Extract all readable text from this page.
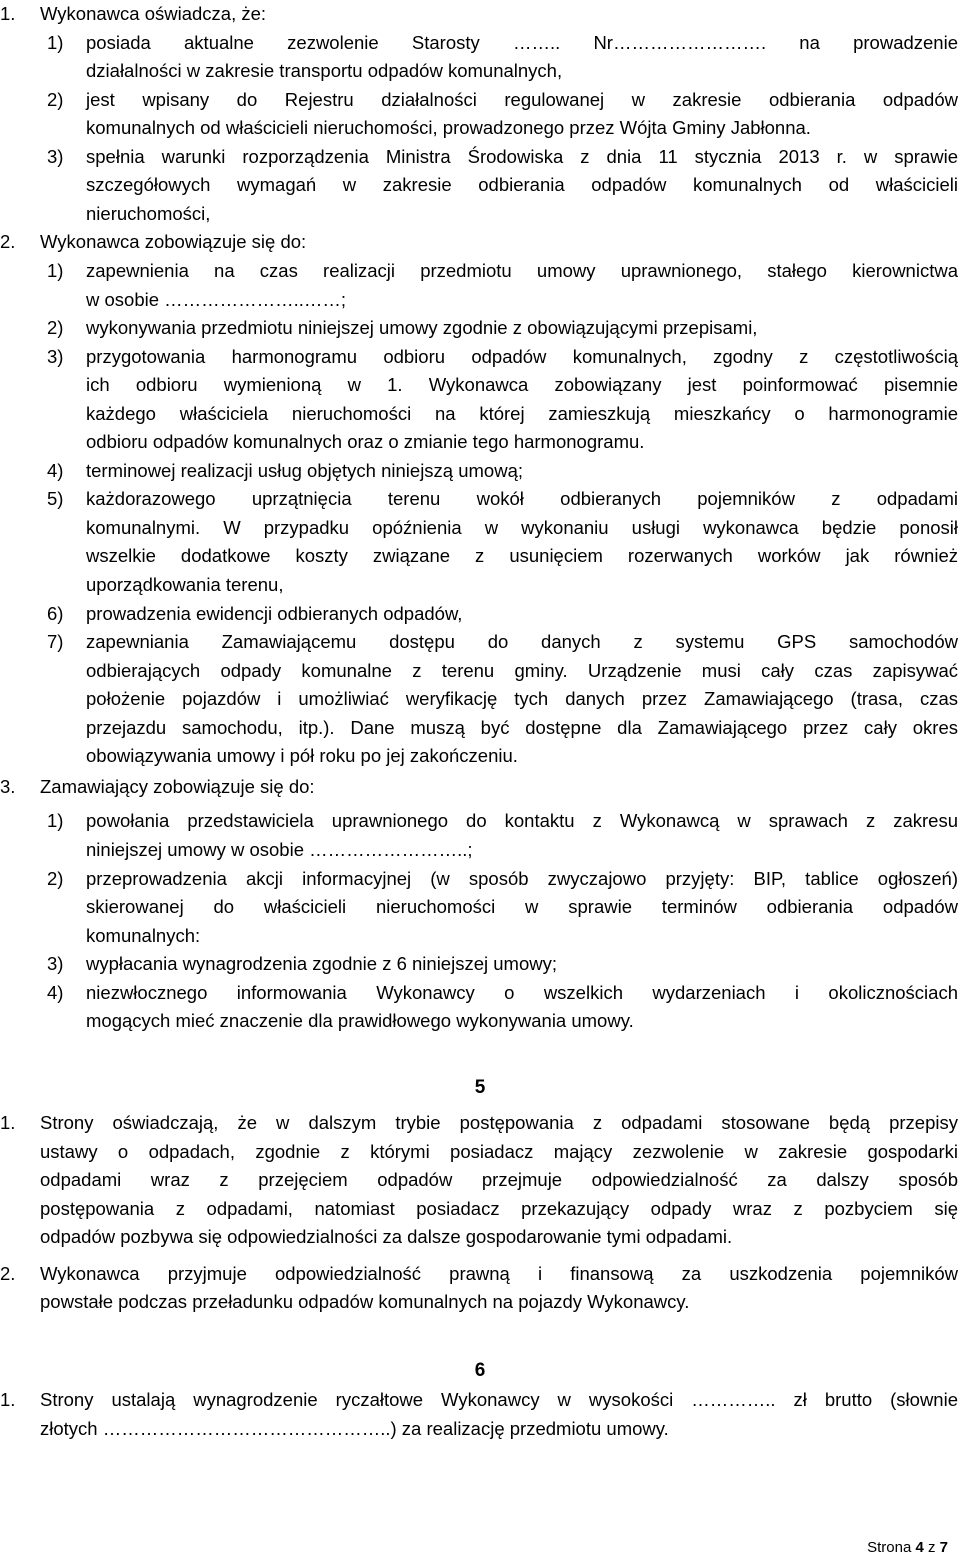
1. Wykonawca oświadcza, że:
1) posiada aktualne zezwolenie Starosty …….. Nr……………………. na prowadzenie
działalności w zakresie transportu odpadów komunalnych,
2) jest wpisany do Rejestru działalności regulowanej w zakresie odbierania odpadów
komunalnych od właścicieli nieruchomości, prowadzonego przez Wójta Gminy Jabłonna.
3) spełnia warunki rozporządzenia Ministra Środowiska z dnia 11 stycznia 2013 r. w sprawie
szczegółowych wymagań w zakresie odbierania odpadów komunalnych od właścicieli
nieruchomości,
2. Wykonawca zobowiązuje się do:
1) zapewnienia na czas realizacji przedmiotu umowy uprawnionego, stałego kierownictwa
w osobie …………………..……;
2) wykonywania przedmiotu niniejszej umowy zgodnie z obowiązującymi przepisami,
3) przygotowania harmonogramu odbioru odpadów komunalnych, zgodny z częstotliwością
ich odbioru wymienioną w 1. Wykonawca zobowiązany jest poinformować pisemnie
każdego właściciela nieruchomości na której zamieszkują mieszkańcy o harmonogramie
odbioru odpadów komunalnych oraz o zmianie tego harmonogramu.
4) terminowej realizacji usług objętych niniejszą umową;
5) każdorazowego uprzątnięcia terenu wokół odbieranych pojemników z odpadami
komunalnymi. W przypadku opóźnienia w wykonaniu usługi wykonawca będzie ponosił
wszelkie dodatkowe koszty związane z usunięciem rozerwanych worków jak również
uporządkowania terenu,
6) prowadzenia ewidencji odbieranych odpadów,
7) zapewniania Zamawiającemu dostępu do danych z systemu GPS samochodów
odbierających odpady komunalne z terenu gminy. Urządzenie musi cały czas zapisywać
położenie pojazdów i umożliwiać weryfikację tych danych przez Zamawiającego (trasa, czas
przejazdu samochodu, itp.). Dane muszą być dostępne dla Zamawiającego przez cały okres
obowiązywania umowy i pół roku po jej zakończeniu.
3. Zamawiający zobowiązuje się do:
1) powołania przedstawiciela uprawnionego do kontaktu z Wykonawcą w sprawach z zakresu
niniejszej umowy w osobie ……………………..;
2) przeprowadzenia akcji informacyjnej (w sposób zwyczajowo przyjęty: BIP, tablice ogłoszeń)
skierowanej do właścicieli nieruchomości w sprawie terminów odbierania odpadów
komunalnych:
3) wypłacania wynagrodzenia zgodnie z 6 niniejszej umowy;
4) niezwłocznego informowania Wykonawcy o wszelkich wydarzeniach i okolicznościach
mogących mieć znaczenie dla prawidłowego wykonywania umowy.
5
1. Strony oświadczają, że w dalszym trybie postępowania z odpadami stosowane będą przepisy
ustawy o odpadach, zgodnie z którymi posiadacz mający zezwolenie w zakresie gospodarki
odpadami wraz z przejęciem odpadów przejmuje odpowiedzialność za dalszy sposób
postępowania z odpadami, natomiast posiadacz przekazujący odpady wraz z pozbyciem się
odpadów pozbywa się odpowiedzialności za dalsze gospodarowanie tymi odpadami.
2. Wykonawca przyjmuje odpowiedzialność prawną i finansową za uszkodzenia pojemników
powstałe podczas przeładunku odpadów komunalnych na pojazdy Wykonawcy.
6
1. Strony ustalają wynagrodzenie ryczałtowe Wykonawcy w wysokości ………….. zł brutto (słownie
złotych ………………………………………..) za realizację przedmiotu umowy.
Strona 4 z 7
